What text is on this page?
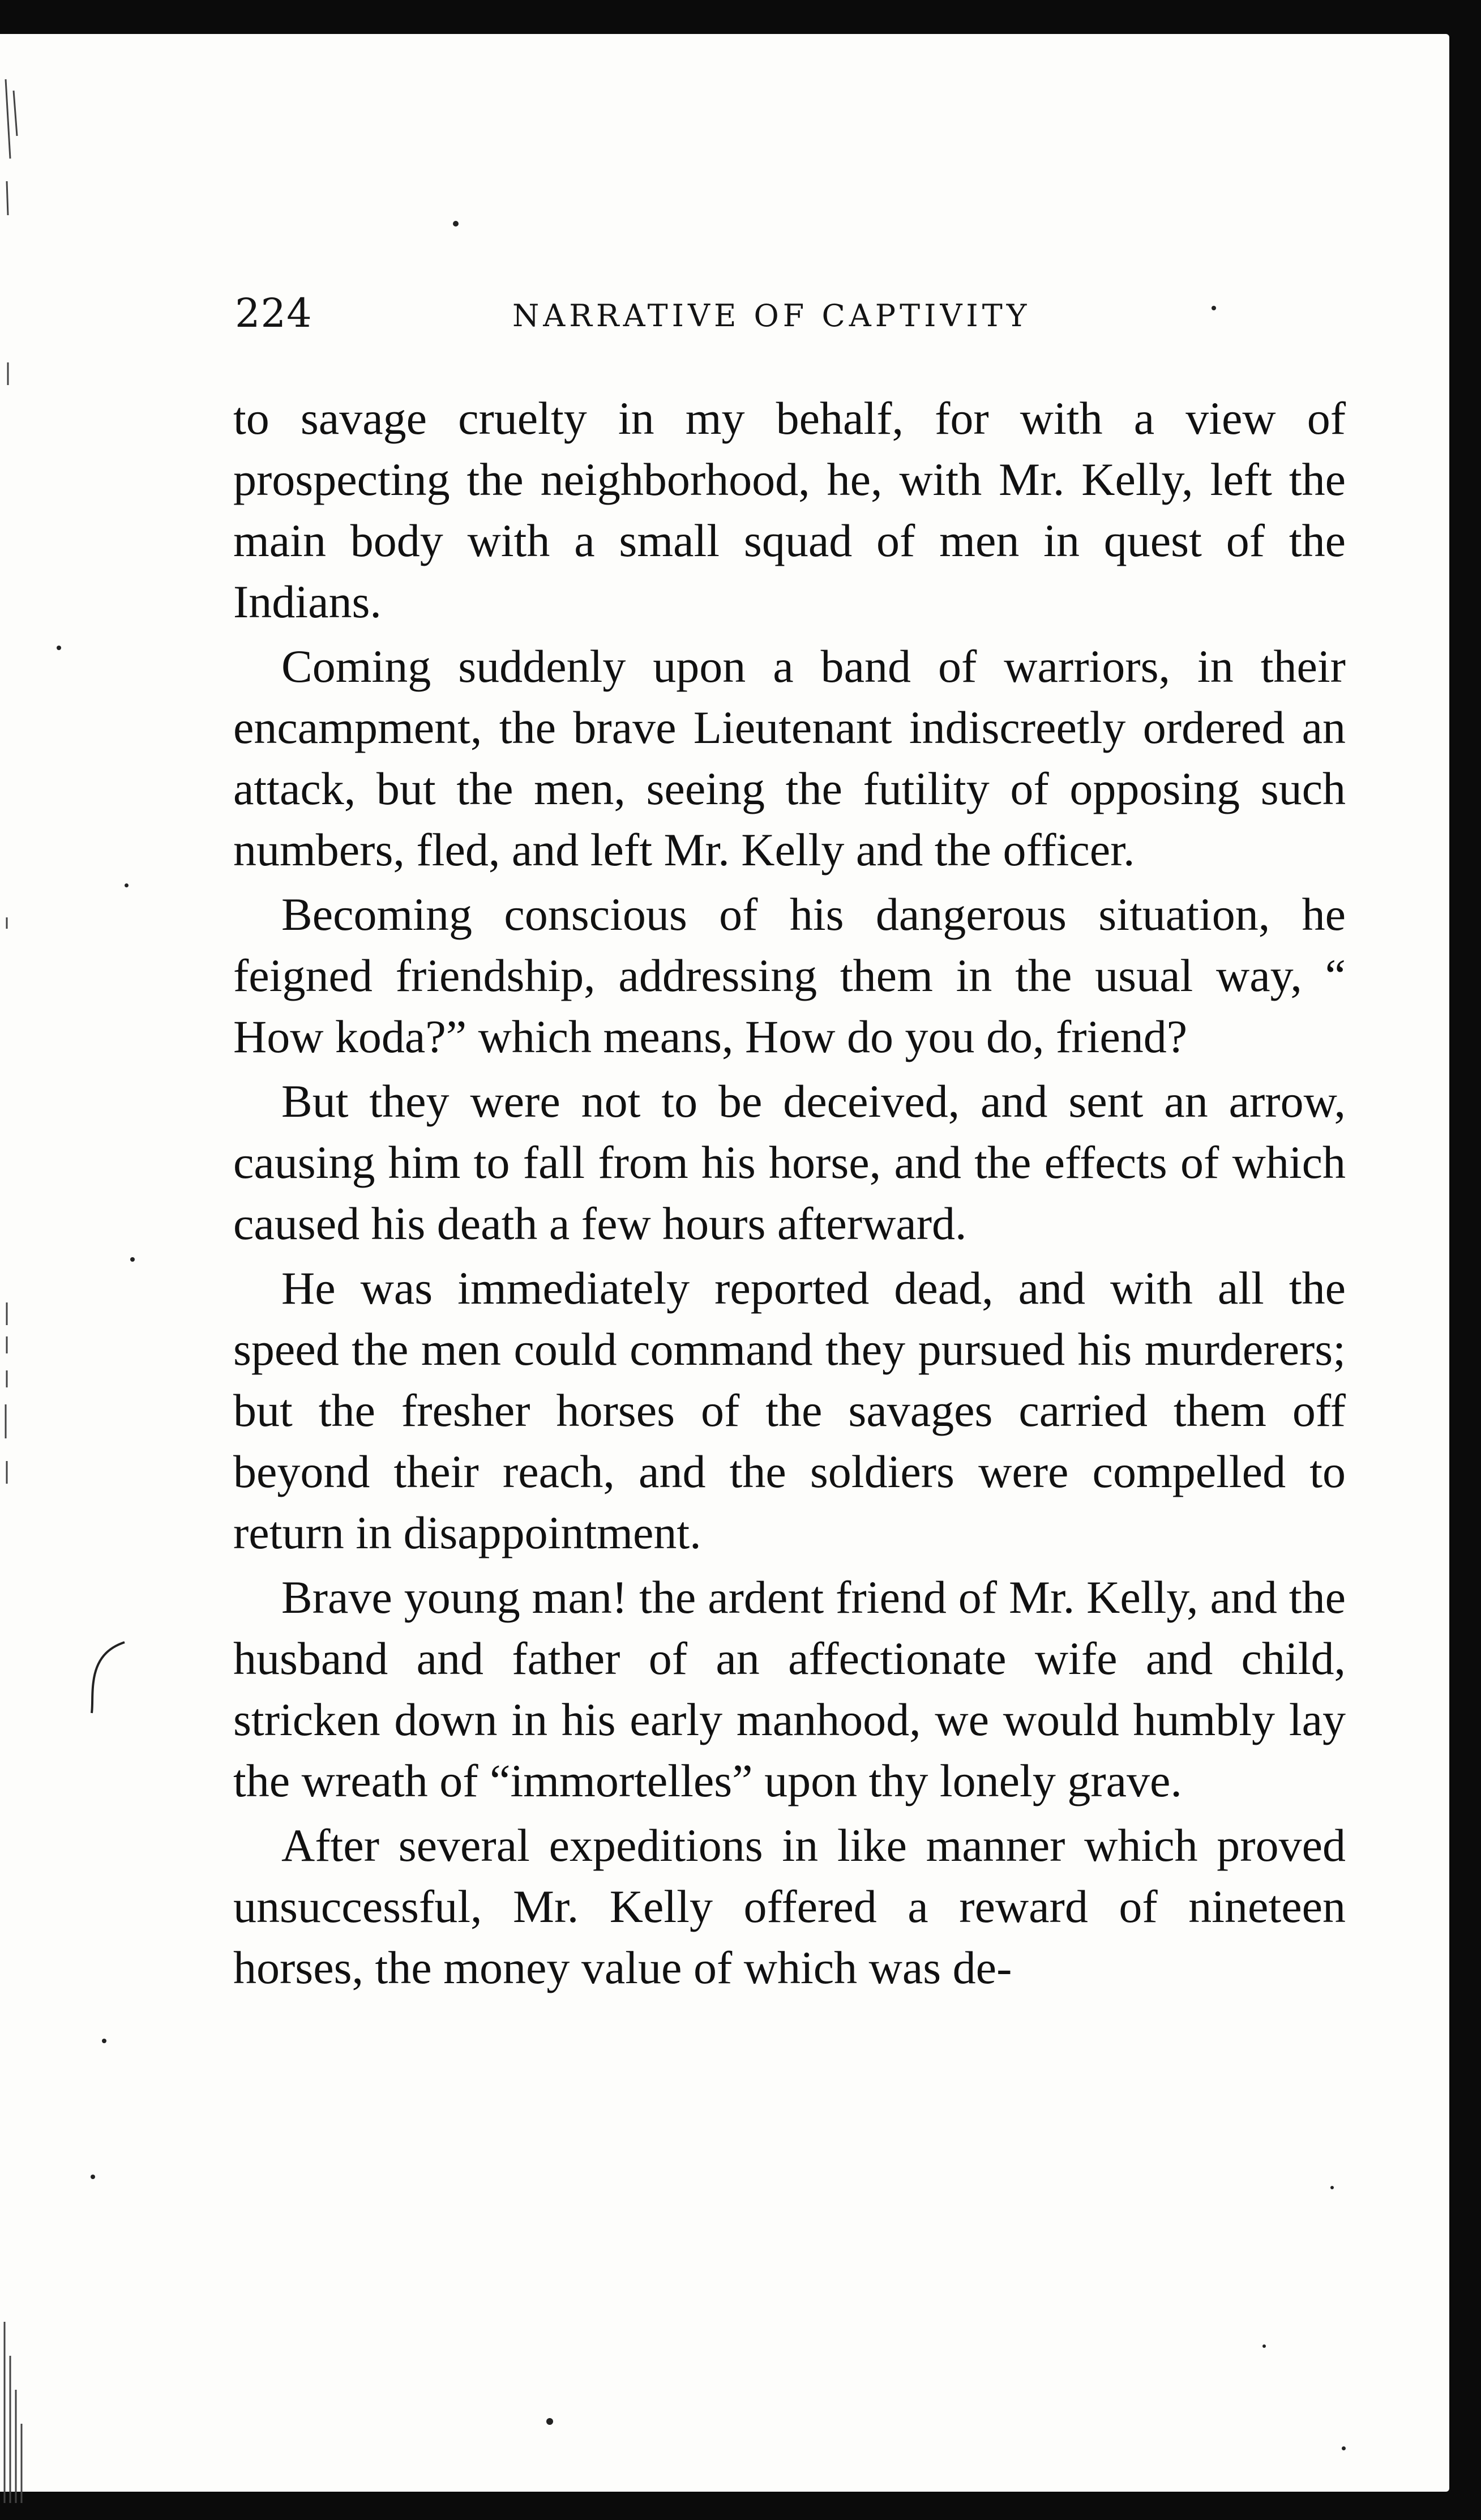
224	NARRATIVE OF CAPTIVITY

to savage cruelty in my behalf, for with a view of prospecting the neighborhood, he, with Mr. Kelly, left the main body with a small squad of men in quest of the Indians.

Coming suddenly upon a band of warriors, in their encampment, the brave Lieutenant indiscreetly ordered an attack, but the men, seeing the futility of opposing such numbers, fled, and left Mr. Kelly and the officer.

Becoming conscious of his dangerous situation, he feigned friendship, addressing them in the usual way, “ How koda?” which means, How do you do, friend?

But they were not to be deceived, and sent an arrow, causing him to fall from his horse, and the effects of which caused his death a few hours afterward.

He was immediately reported dead, and with all the speed the men could command they pursued his murderers; but the fresher horses of the savages carried them off beyond their reach, and the soldiers were compelled to return in disappointment.

Brave young man! the ardent friend of Mr. Kelly, and the husband and father of an affectionate wife and child, stricken down in his early manhood, we would humbly lay the wreath of “immortelles” upon thy lonely grave.

After several expeditions in like manner which proved unsuccessful, Mr. Kelly offered a reward of nineteen horses, the money value of which was de-
